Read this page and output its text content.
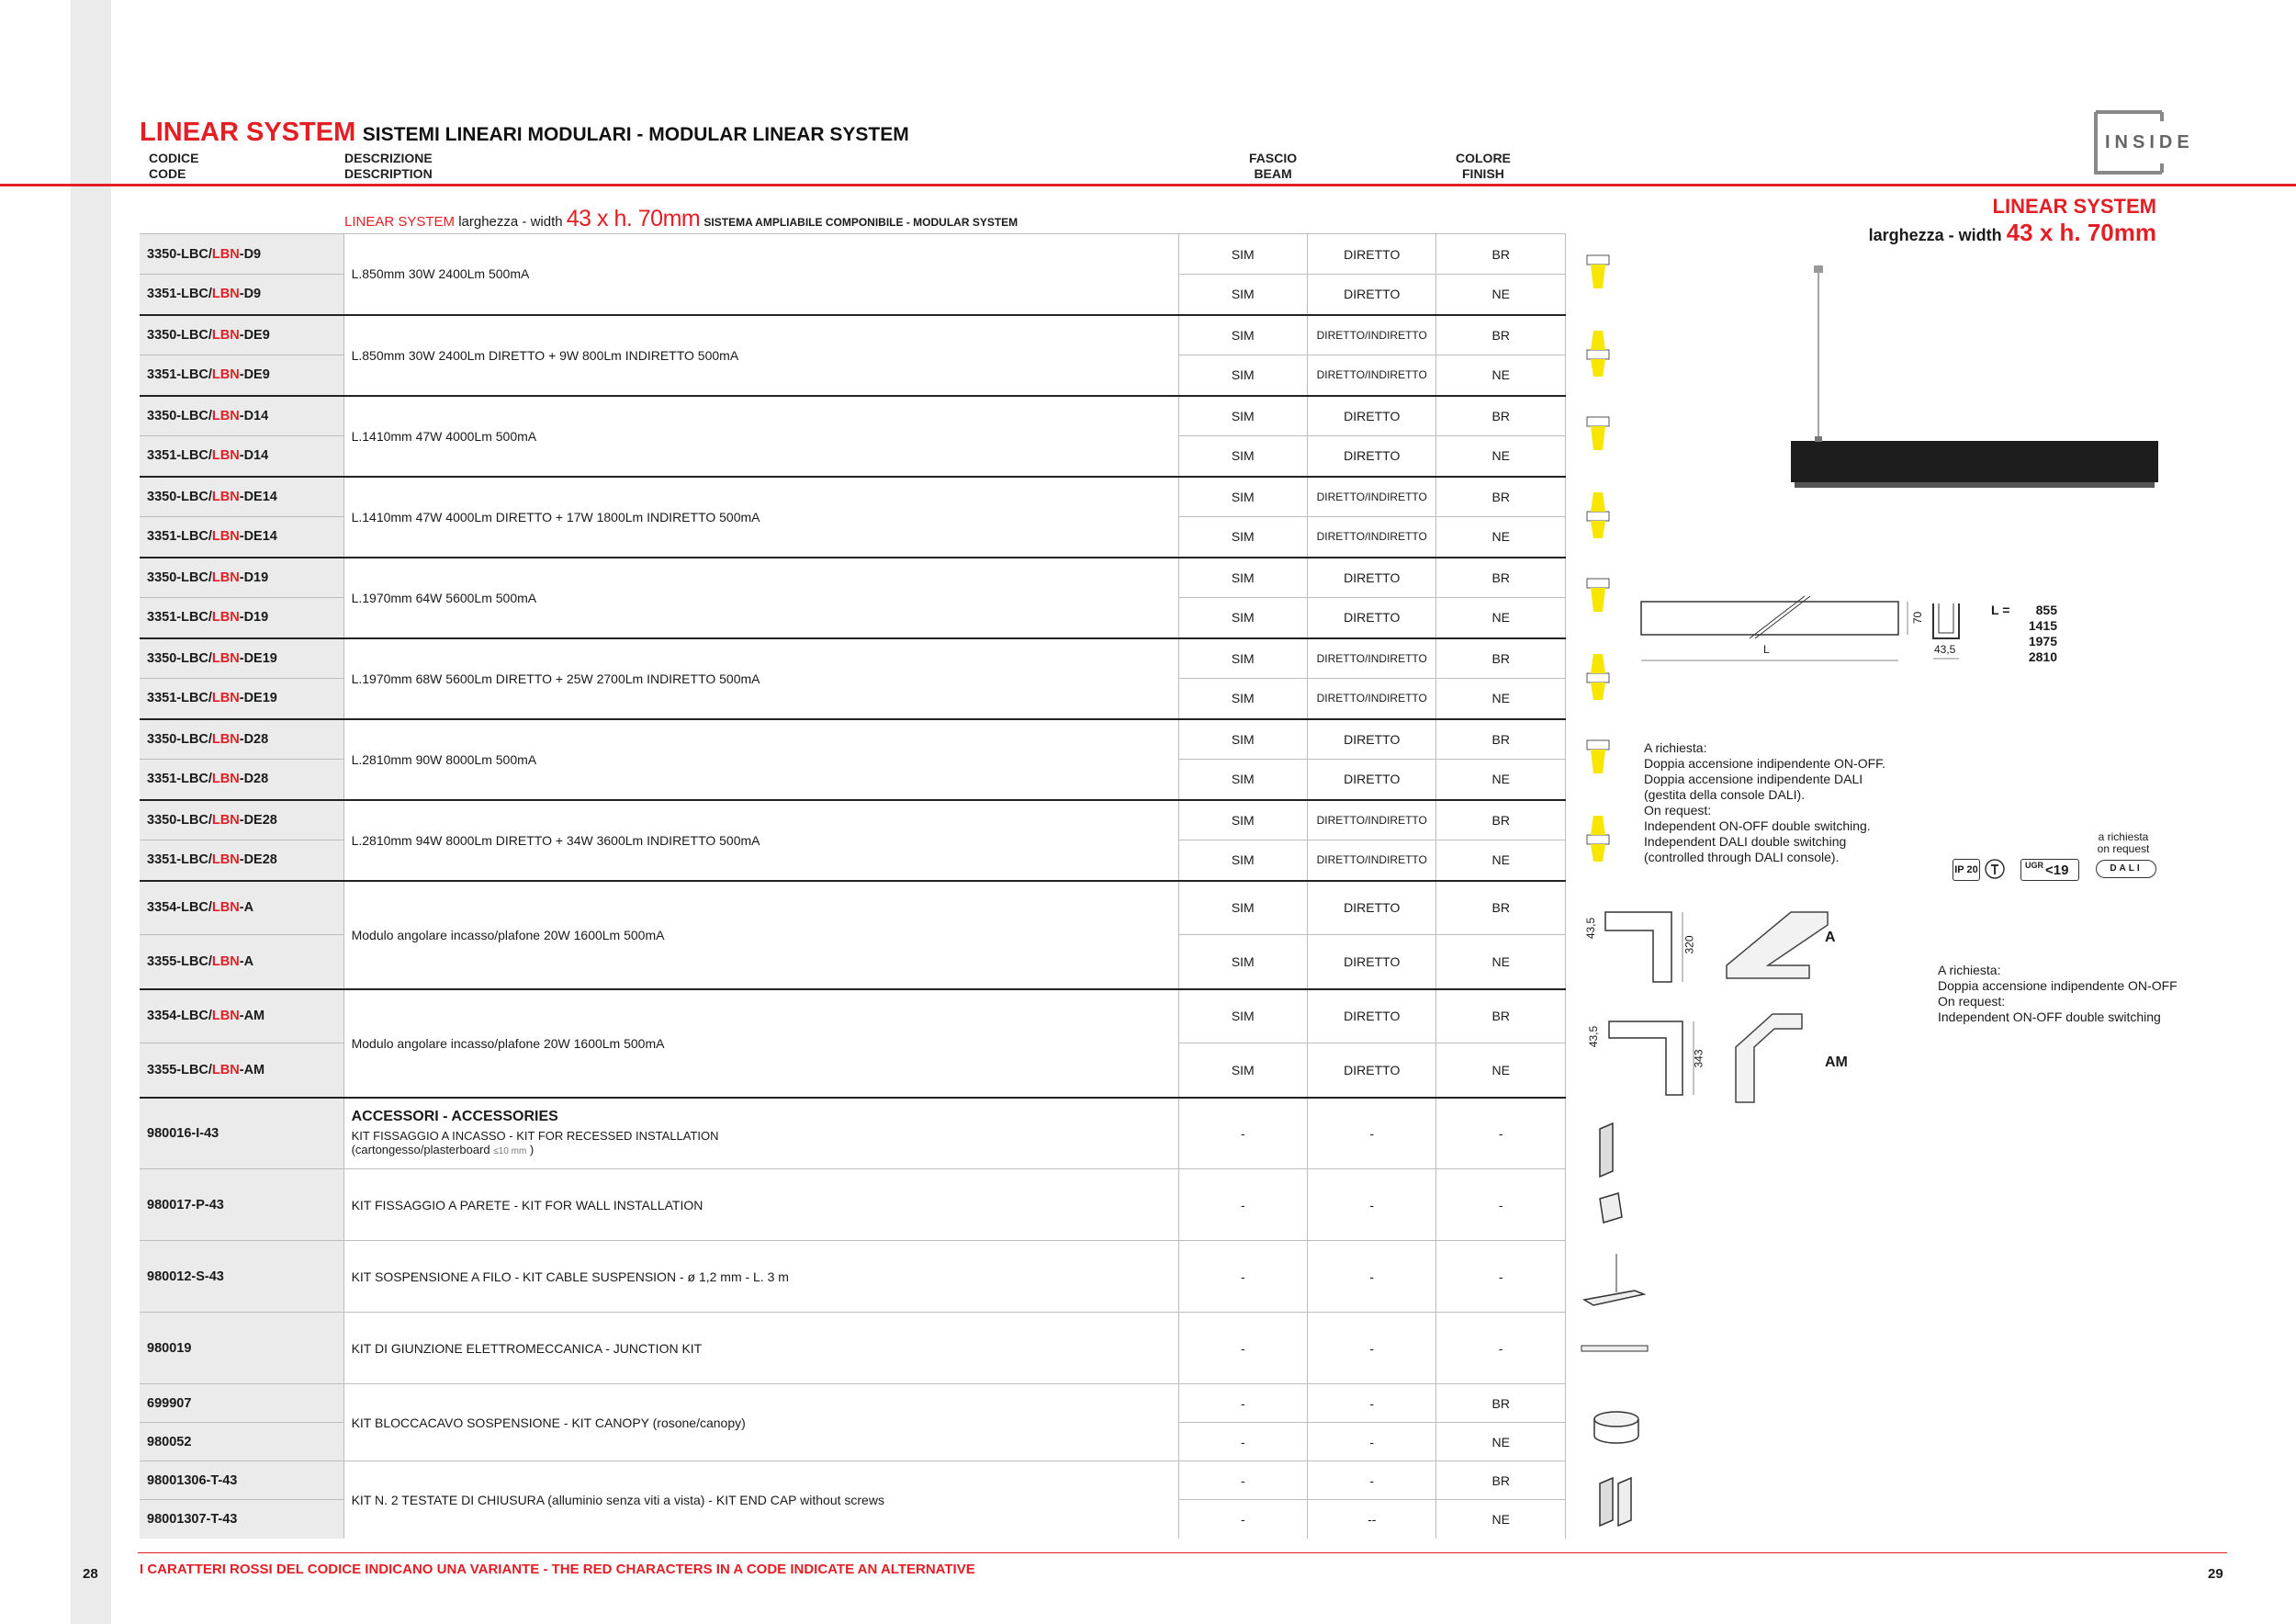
LINEAR SYSTEM SISTEMI LINEARI MODULARI - MODULAR LINEAR SYSTEM
CODICE
CODE
DESCRIZIONE
DESCRIPTION
FASCIO
BEAM
COLORE
FINISH
INSIDE
LINEAR SYSTEM larghezza - width 43 x h. 70mm SISTEMA AMPLIABILE COMPONIBILE - MODULAR SYSTEM
LINEAR SYSTEM
larghezza - width 43 x h. 70mm
3350-LBC/LBN-D9	L.850mm 30W 2400Lm 500mA	SIM	DIRETTO	BR
3351-LBC/LBN-D9		SIM	DIRETTO	NE
3350-LBC/LBN-DE9	L.850mm 30W 2400Lm DIRETTO + 9W 800Lm INDIRETTO 500mA	SIM	DIRETTO/INDIRETTO	BR
3351-LBC/LBN-DE9		SIM	DIRETTO/INDIRETTO	NE
3350-LBC/LBN-D14	L.1410mm 47W 4000Lm 500mA	SIM	DIRETTO	BR
3351-LBC/LBN-D14		SIM	DIRETTO	NE
3350-LBC/LBN-DE14	L.1410mm 47W 4000Lm DIRETTO + 17W 1800Lm INDIRETTO 500mA	SIM	DIRETTO/INDIRETTO	BR
3351-LBC/LBN-DE14		SIM	DIRETTO/INDIRETTO	NE
3350-LBC/LBN-D19	L.1970mm 64W 5600Lm 500mA	SIM	DIRETTO	BR
3351-LBC/LBN-D19		SIM	DIRETTO	NE
3350-LBC/LBN-DE19	L.1970mm 68W 5600Lm DIRETTO + 25W 2700Lm INDIRETTO 500mA	SIM	DIRETTO/INDIRETTO	BR
3351-LBC/LBN-DE19		SIM	DIRETTO/INDIRETTO	NE
3350-LBC/LBN-D28	L.2810mm 90W 8000Lm 500mA	SIM	DIRETTO	BR
3351-LBC/LBN-D28		SIM	DIRETTO	NE
3350-LBC/LBN-DE28	L.2810mm 94W 8000Lm DIRETTO + 34W 3600Lm INDIRETTO 500mA	SIM	DIRETTO/INDIRETTO	BR
3351-LBC/LBN-DE28		SIM	DIRETTO/INDIRETTO	NE
3354-LBC/LBN-A	Modulo angolare incasso/plafone 20W 1600Lm 500mA	SIM	DIRETTO	BR
3355-LBC/LBN-A		SIM	DIRETTO	NE
3354-LBC/LBN-AM	Modulo angolare incasso/plafone 20W 1600Lm 500mA	SIM	DIRETTO	BR
3355-LBC/LBN-AM		SIM	DIRETTO	NE
980016-I-43	ACCESSORI - ACCESSORIES
KIT FISSAGGIO A INCASSO - KIT FOR RECESSED INSTALLATION
(cartongesso/plasterboard ≤10 mm )	-	-	-
980017-P-43	KIT FISSAGGIO A PARETE - KIT FOR WALL INSTALLATION	-	-	-
980012-S-43	KIT SOSPENSIONE A FILO - KIT CABLE SUSPENSION - ø 1,2 mm - L. 3 m	-	-	-
980019	KIT DI GIUNZIONE ELETTROMECCANICA - JUNCTION KIT	-	-	-
699907	KIT BLOCCACAVO SOSPENSIONE - KIT CANOPY (rosone/canopy)	-	-	BR
980052		-	-	NE
98001306-T-43	KIT N. 2 TESTATE DI CHIUSURA (alluminio senza viti a vista) - KIT END CAP without screws	-	-	BR
98001307-T-43		-	--	NE
L
70
43,5
L =	855
1415
1975
2810
A richiesta:
Doppia accensione indipendente ON-OFF.
Doppia accensione indipendente DALI
(gestita della console DALI).
On request:
Independent ON-OFF double switching.
Independent DALI double switching
(controlled through DALI console).
IP 20	UGR <19
a richiesta
on request
DALI
43,5
320	A
43,5
343	AM
A richiesta:
Doppia accensione indipendente ON-OFF
On request:
Independent ON-OFF double switching
I CARATTERI ROSSI DEL CODICE INDICANO UNA VARIANTE - THE RED CHARACTERS IN A CODE INDICATE AN ALTERNATIVE
28	29
